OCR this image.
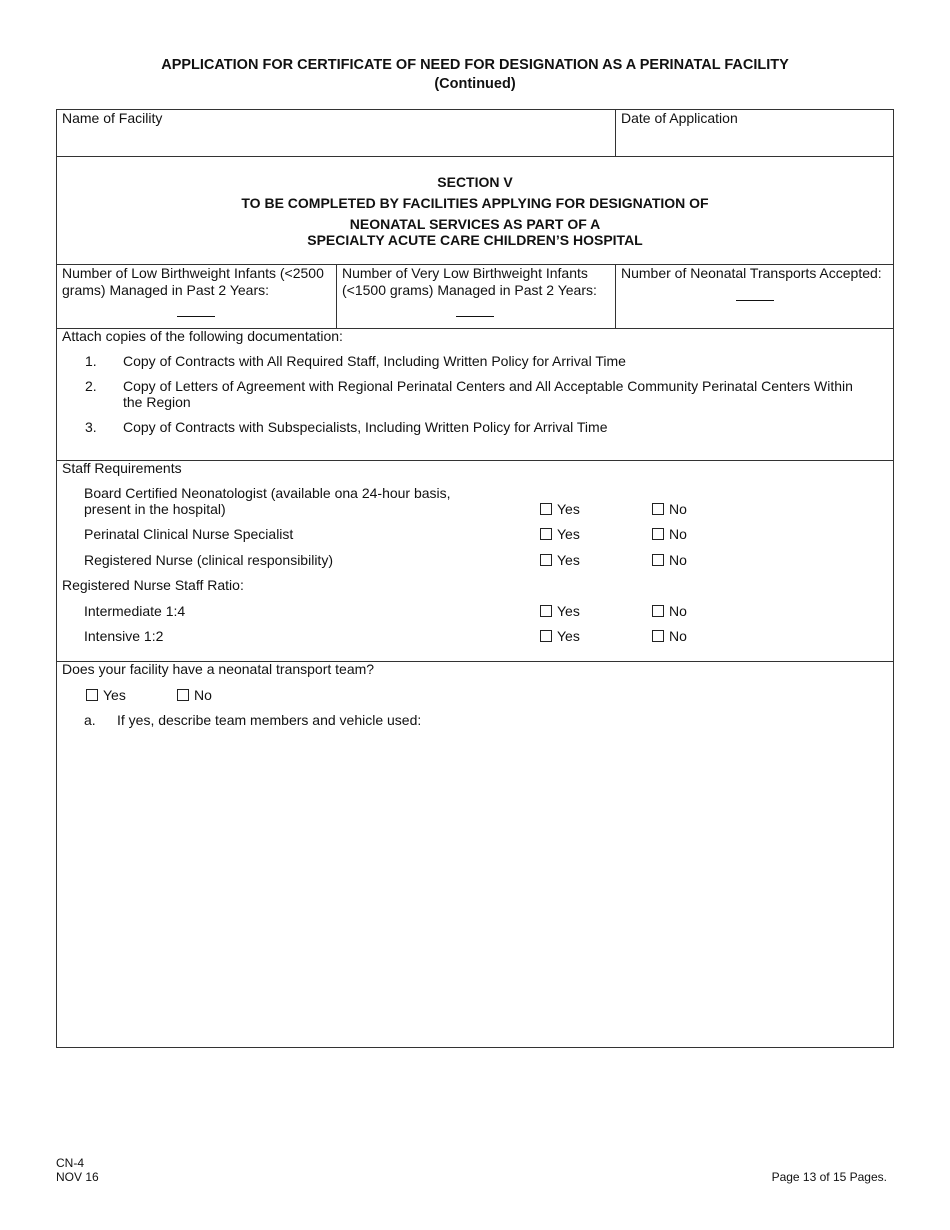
APPLICATION FOR CERTIFICATE OF NEED FOR DESIGNATION AS A PERINATAL FACILITY
(Continued)
Name of Facility	Date of Application
SECTION V
TO BE COMPLETED BY FACILITIES APPLYING FOR DESIGNATION OF
NEONATAL SERVICES AS PART OF A
SPECIALTY ACUTE CARE CHILDREN’S HOSPITAL
Number of Low Birthweight Infants (<2500
grams) Managed in Past 2 Years:
Number of Very Low Birthweight Infants
(<1500 grams) Managed in Past 2 Years:
Number of Neonatal Transports Accepted:
Attach copies of the following documentation:
1. Copy of Contracts with All Required Staff, Including Written Policy for Arrival Time
2. Copy of Letters of Agreement with Regional Perinatal Centers and All Acceptable Community Perinatal Centers Within
the Region
3. Copy of Contracts with Subspecialists, Including Written Policy for Arrival Time
Staff Requirements
Board Certified Neonatologist (available ona 24-hour basis,
present in the hospital)	Yes	No
Perinatal Clinical Nurse Specialist	Yes	No
Registered Nurse (clinical responsibility)	Yes	No
Registered Nurse Staff Ratio:
Intermediate 1:4	Yes	No
Intensive 1:2	Yes	No
Does your facility have a neonatal transport team?
Yes	No
a. If yes, describe team members and vehicle used:
CN-4
NOV 16	Page 13 of 15 Pages.
